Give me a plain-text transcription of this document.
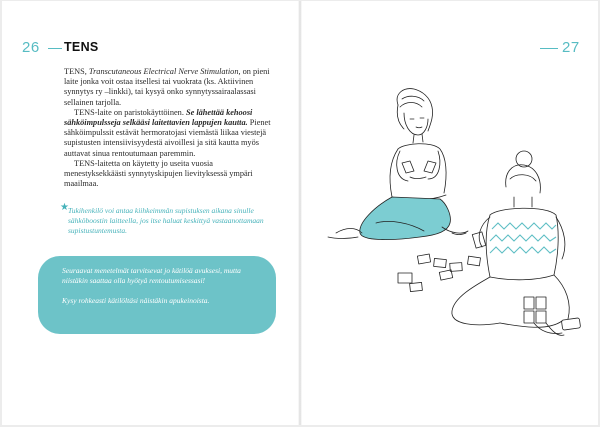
26 TENS

TENS, Transcutaneous Electrical Nerve Stimulation, on pieni laite jonka voit ostaa itsellesi tai vuokrata (ks. Aktiivinen synnytys ry –linkki), tai kysyä onko synnytyssairaalassasi sellainen tarjolla.

TENS-laite on paristokäyttöinen. Se lähettää kehoosi sähköimpulsseja selkääsi laitettavien lappujen kautta. Pienet sähköimpulssit estävät hermoratojasi viemästä liikaa viestejä supistusten intensiivisyydestä aivoillesi ja sitä kautta myös auttavat sinua rentoutumaan paremmin.

TENS-laitetta on käytetty jo useita vuosia menestyksekkäästi synnytyskipujen lievityksessä ympäri maailmaa.

★ Tukihenkilö voi antaa kiihkeimmän supistuksen aikana sinulle sähköboostin laitteella, jos itse haluat keskittyä vastaanottamaan supistustuntemusta.

Seuraavat menetelmät tarvitsevat jo kätilöä avuksesi, mutta niistäkin saattaa olla hyötyä rentoutumisessasi!

Kysy rohkeasti kätilöltäsi näistäkin apukeinoista.

27
